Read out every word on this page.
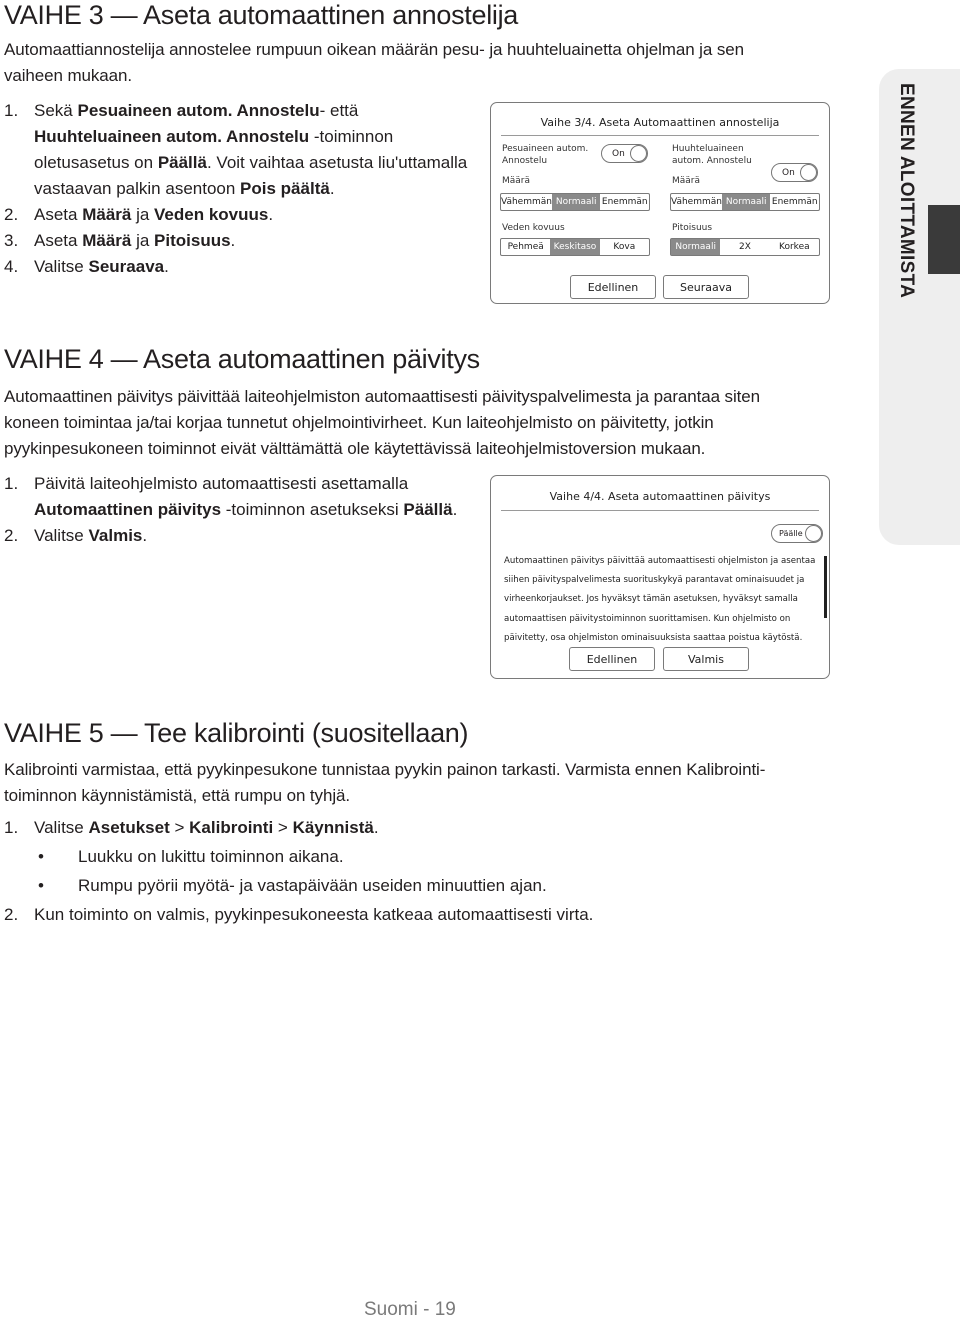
VAIHE 3 — Aseta automaattinen annostelija

Automaattiannostelija annostelee rumpuun oikean määrän pesu- ja huuhteluainetta ohjelman ja sen vaiheen mukaan.

1. Sekä Pesuaineen autom. Annostelu- että Huuhteluaineen autom. Annostelu -toiminnon oletusasetus on Päällä. Voit vaihtaa asetusta liu'uttamalla vastaavan palkin asentoon Pois päältä.
2. Aseta Määrä ja Veden kovuus.
3. Aseta Määrä ja Pitoisuus.
4. Valitse Seuraava.
Vaihe 3/4. Aseta Automaattinen annostelija
Pesuaineen autom. Annostelu
On
Määrä
Vähemmän Normaali Enemmän
Veden kovuus
Pehmeä	Keskitaso	Kova
Huuhteluaineen autom. Annostelu
On
Määrä
Vähemmän Normaali Enemmän
Pitoisuus
Normaali	2X	Korkea
Edellinen	Seuraava
VAIHE 4 — Aseta automaattinen päivitys

Automaattinen päivitys päivittää laiteohjelmiston automaattisesti päivityspalvelimesta ja parantaa siten koneen toimintaa ja/tai korjaa tunnetut ohjelmointivirheet. Kun laiteohjelmisto on päivitetty, jotkin pyykinpesukoneen toiminnot eivät välttämättä ole käytettävissä laiteohjelmistoversion mukaan.

1. Päivitä laiteohjelmisto automaattisesti asettamalla Automaattinen päivitys -toiminnon asetukseksi Päällä.
2. Valitse Valmis.
Vaihe 4/4. Aseta automaattinen päivitys
Päälle
Automaattinen päivitys päivittää automaattisesti ohjelmiston ja asentaa
siihen päivityspalvelimesta suorituskykyä parantavat ominaisuudet ja
virheenkorjaukset. Jos hyväksyt tämän asetuksen, hyväksyt samalla
automaattisen päivitystoiminnon suorittamisen. Kun ohjelmisto on
päivitetty, osa ohjelmiston ominaisuuksista saattaa poistua käytöstä.
Edellinen	Valmis
VAIHE 5 — Tee kalibrointi (suositellaan)

Kalibrointi varmistaa, että pyykinpesukone tunnistaa pyykin painon tarkasti. Varmista ennen Kalibrointi-toiminnon käynnistämistä, että rumpu on tyhjä.

1. Valitse Asetukset > Kalibrointi > Käynnistä.
•	Luukku on lukittu toiminnon aikana.
•	Rumpu pyörii myötä- ja vastapäivään useiden minuuttien ajan.
2. Kun toiminto on valmis, pyykinpesukoneesta katkeaa automaattisesti virta.
ENNEN ALOITTAMISTA
Suomi - 19
